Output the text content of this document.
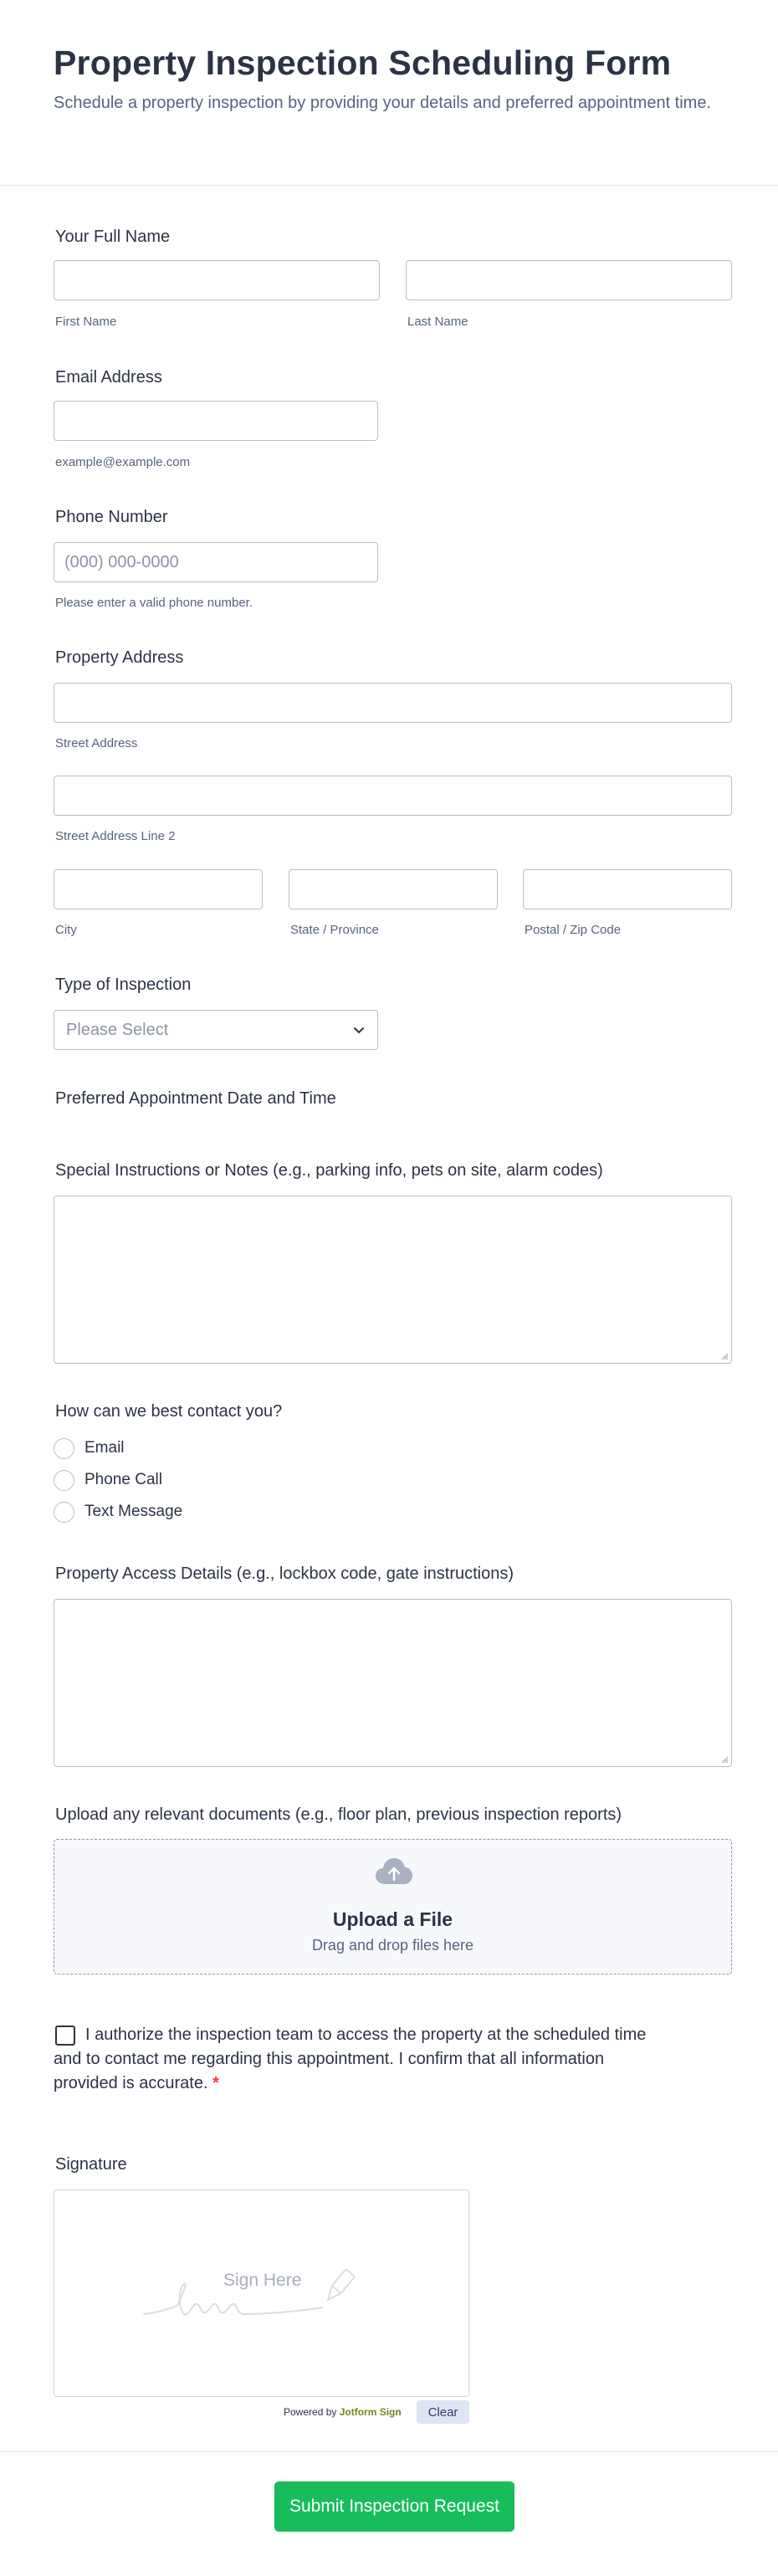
Property Inspection Scheduling Form

Schedule a property inspection by providing your details and preferred appointment time.

Your Full Name
First Name	Last Name
Email Address
example@example.com
Phone Number
(000) 000-0000
Please enter a valid phone number.
Property Address
Street Address
Street Address Line 2
City	State / Province	Postal / Zip Code
Type of Inspection
Please Select
Preferred Appointment Date and Time
Special Instructions or Notes (e.g., parking info, pets on site, alarm codes)
How can we best contact you?
Email
Phone Call
Text Message
Property Access Details (e.g., lockbox code, gate instructions)
Upload any relevant documents (e.g., floor plan, previous inspection reports)
Upload a File
Drag and drop files here

I authorize the inspection team to access the property at the scheduled time and to contact me regarding this appointment. I confirm that all information provided is accurate. *

Signature
Sign Here
Powered by Jotform Sign	Clear
Submit Inspection Request
